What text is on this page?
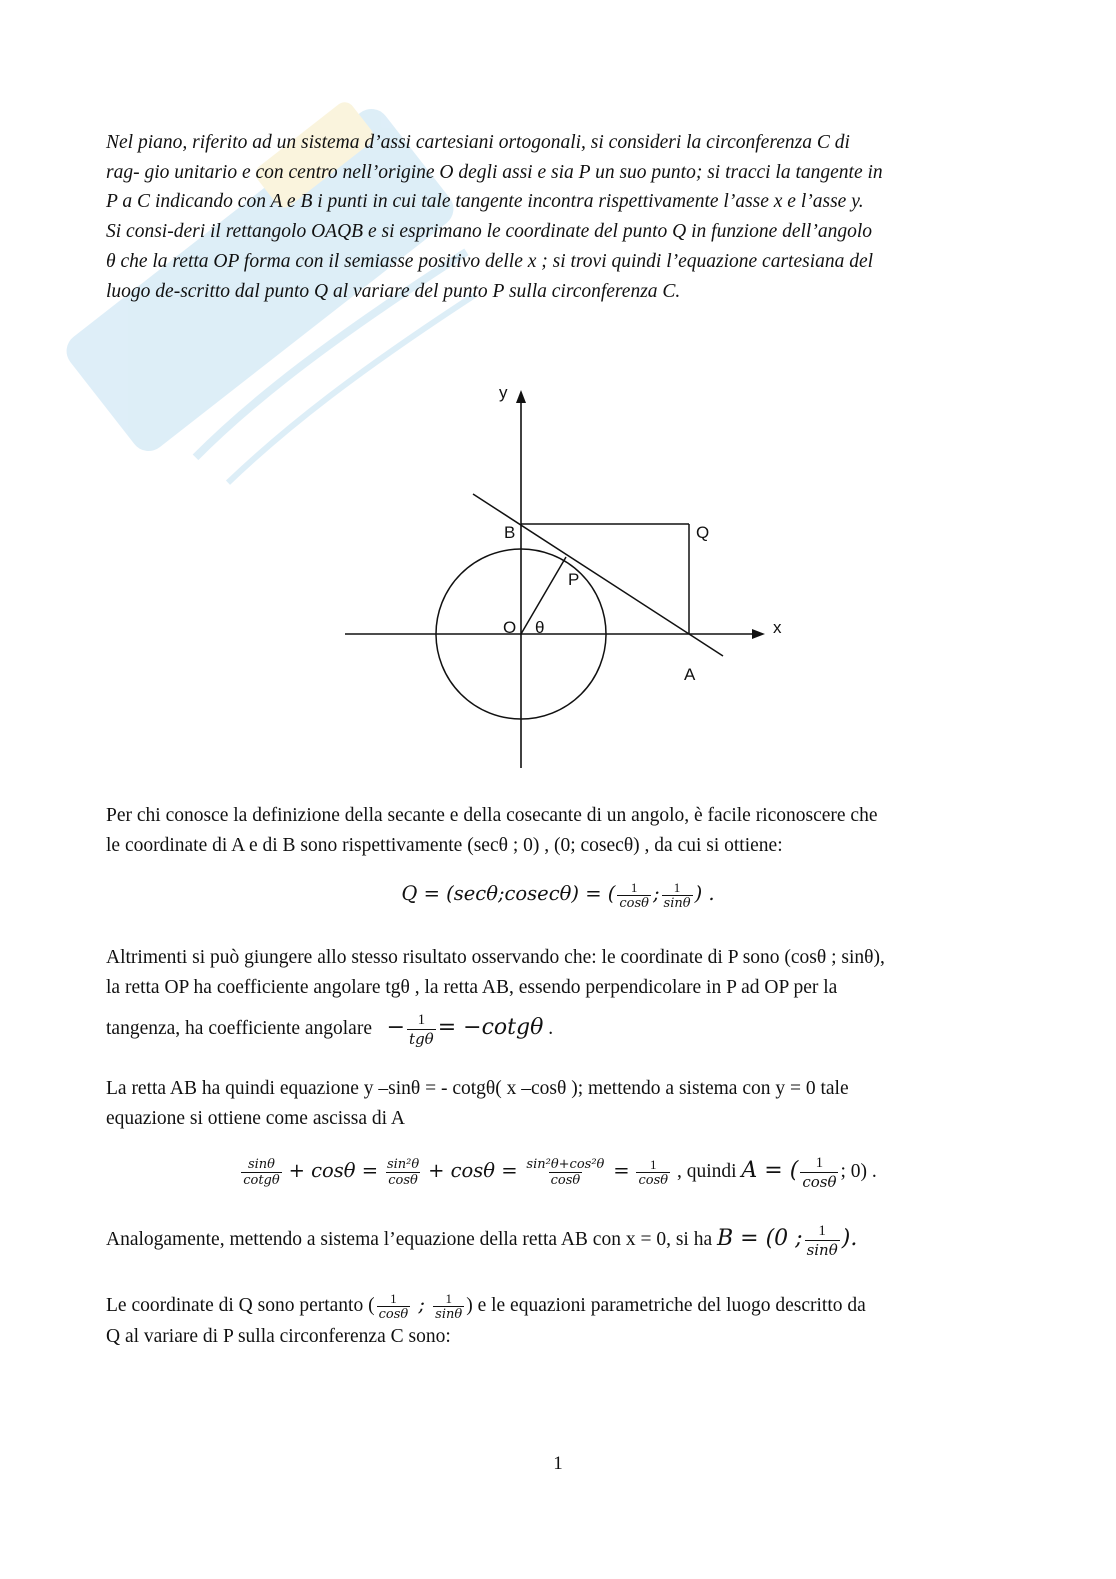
Nel piano, riferito ad un sistema d’assi cartesiani ortogonali, si consideri la circonferenza C di
rag- gio unitario e con centro nell’origine O degli assi e sia P un suo punto; si tracci la tangente in
P a C indicando con A e B i punti in cui tale tangente incontra rispettivamente l’asse x e l’asse y.
Si consi-deri il rettangolo OAQB e si esprimano le coordinate del punto Q in funzione dell’angolo
θ che la retta OP forma con il semiasse positivo delle x ; si trovi quindi l’equazione cartesiana del
luogo de-scritto dal punto Q al variare del punto P sulla circonferenza C.
y
x
B	Q
P
O θ
A

Per chi conosce la definizione della secante e della cosecante di un angolo, è facile riconoscere che
le coordinate di A e di B sono rispettivamente (secθ ; 0) , (0; cosecθ) , da cui si ottiene:

Q = (secθ;cosecθ) = ( $\frac{1}{\cos\theta}$ ; $\frac{1}{\sin\theta}$ ) .
Altrimenti si può giungere allo stesso risultato osservando che: le coordinate di P sono (cosθ ; sinθ),
la retta OP ha coefficiente angolare tgθ , la retta AB, essendo perpendicolare in P ad OP per la
tangenza, ha coefficiente angolare − $\frac{1}{\text{tgθ}} = -\cot g\theta$ .

La retta AB ha quindi equazione y –sinθ = - cotgθ( x –cosθ ); mettendo a sistema con y = 0 tale
equazione si ottiene come ascissa di A

$\frac{\sin\theta}{\cot g\theta} + \cos\theta = \frac{\text{sin²θ}}{\cos\theta} + \cos\theta = \frac{\text{sin²θ+cos²θ}}{\cos\theta} = \frac{1}{\cos\theta}$ , quindi A = ( $\frac{1}{\cos\theta}$ ; 0) .
Analogamente, mettendo a sistema l’equazione della retta AB con x = 0, si ha B = (0 ; $\frac{1}{\sin\theta}$ ).
Le coordinate di Q sono pertanto ( $\frac{1}{\cos\theta}$ ; $\frac{1}{\sin\theta}$ ) e le equazioni parametriche del luogo descritto da
Q al variare di P sulla circonferenza C sono:
1
